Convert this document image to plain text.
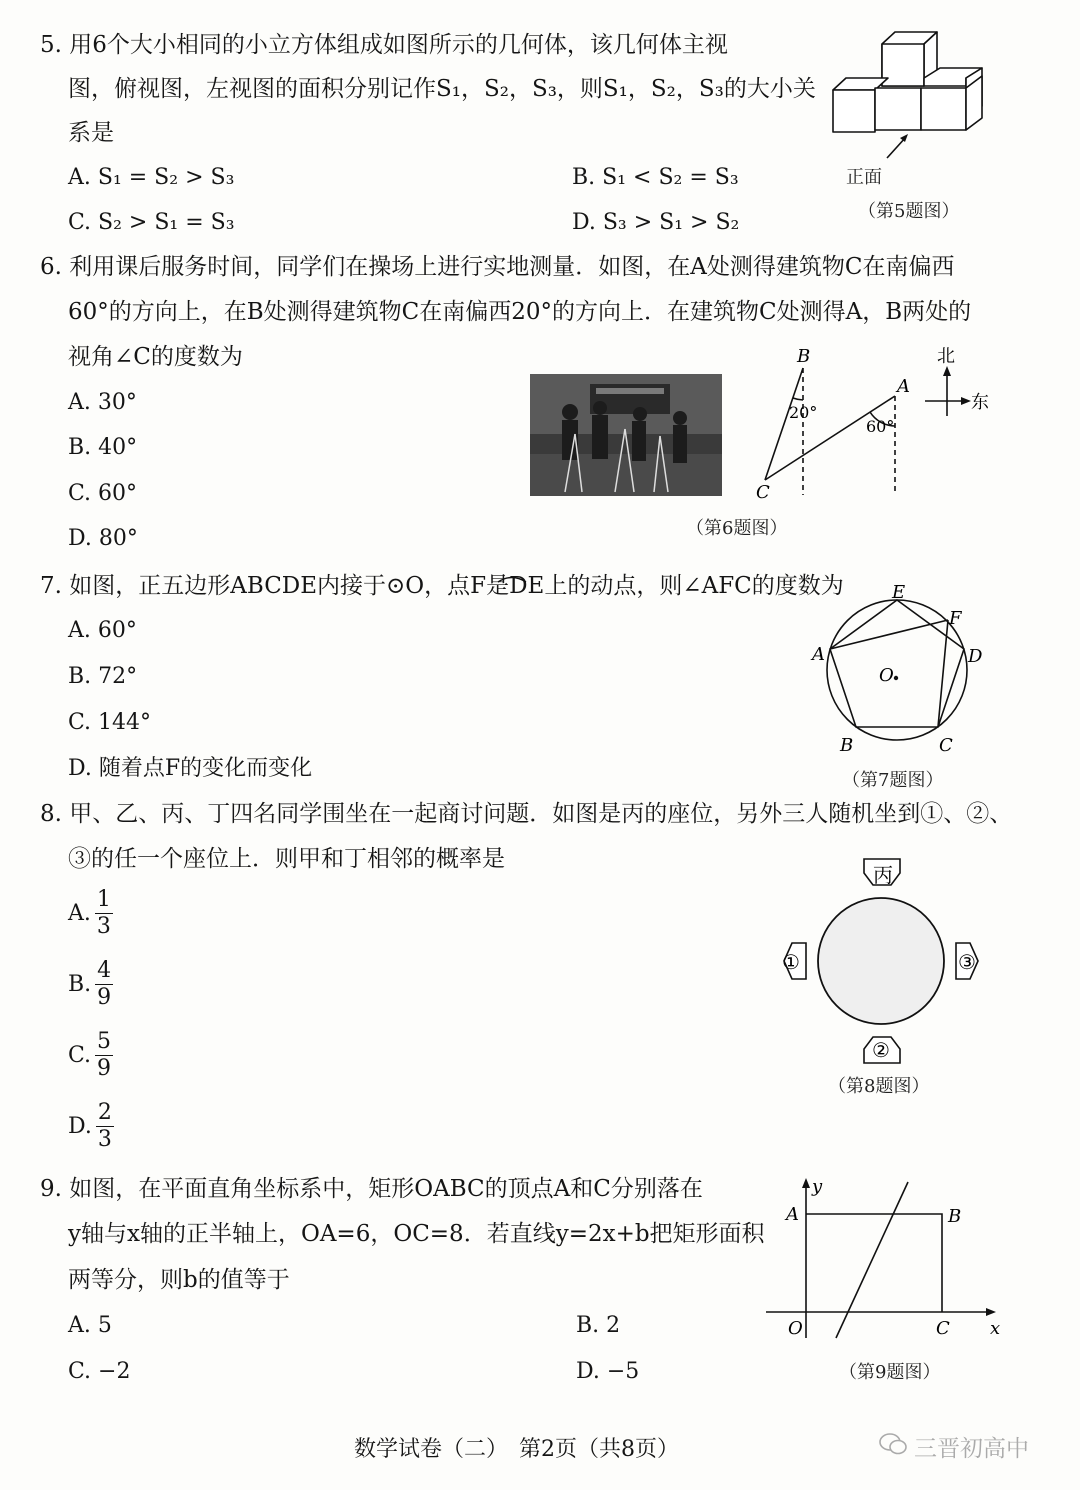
5. 用6个大小相同的小立方体组成如图所示的几何体，该几何体主视
图，俯视图，左视图的面积分别记作S₁，S₂，S₃，则S₁，S₂，S₃的大小关
系是
A. S₁ = S₂ > S₃	B. S₁ < S₂ = S₃
C. S₂ > S₁ = S₃	D. S₃ > S₁ > S₂
正面
（第5题图）
6. 利用课后服务时间，同学们在操场上进行实地测量．如图，在A处测得建筑物C在南偏西
60°的方向上，在B处测得建筑物C在南偏西20°的方向上．在建筑物C处测得A，B两处的
视角∠C的度数为
A. 30°
B. 40°
C. 60°
D. 80°
B
A
C
20°
60°
北
东
（第6题图）
7. 如图，正五边形ABCDE内接于⊙O，点F是DE上的动点，则∠AFC的度数为
A. 60°
B. 72°
C. 144°
D. 随着点F的变化而变化
E
F
D
A
O
B	C
（第7题图）
8. 甲、乙、丙、丁四名同学围坐在一起商讨问题．如图是丙的座位，另外三人随机坐到①、②、
③的任一个座位上．则甲和丁相邻的概率是
A. $\frac{1}{3}$
B. $\frac{4}{9}$
C. $\frac{5}{9}$
D. $\frac{2}{3}$
丙
①	③
②
（第8题图）
9. 如图，在平面直角坐标系中，矩形OABC的顶点A和C分别落在
y轴与x轴的正半轴上，OA=6，OC=8．若直线y=2x+b把矩形面积
两等分，则b的值等于
A. 5	B. 2
C. −2	D. −5
y
x
A	B
O	C
（第9题图）
数学试卷（二）　第2页（共8页）	三晋初高中
